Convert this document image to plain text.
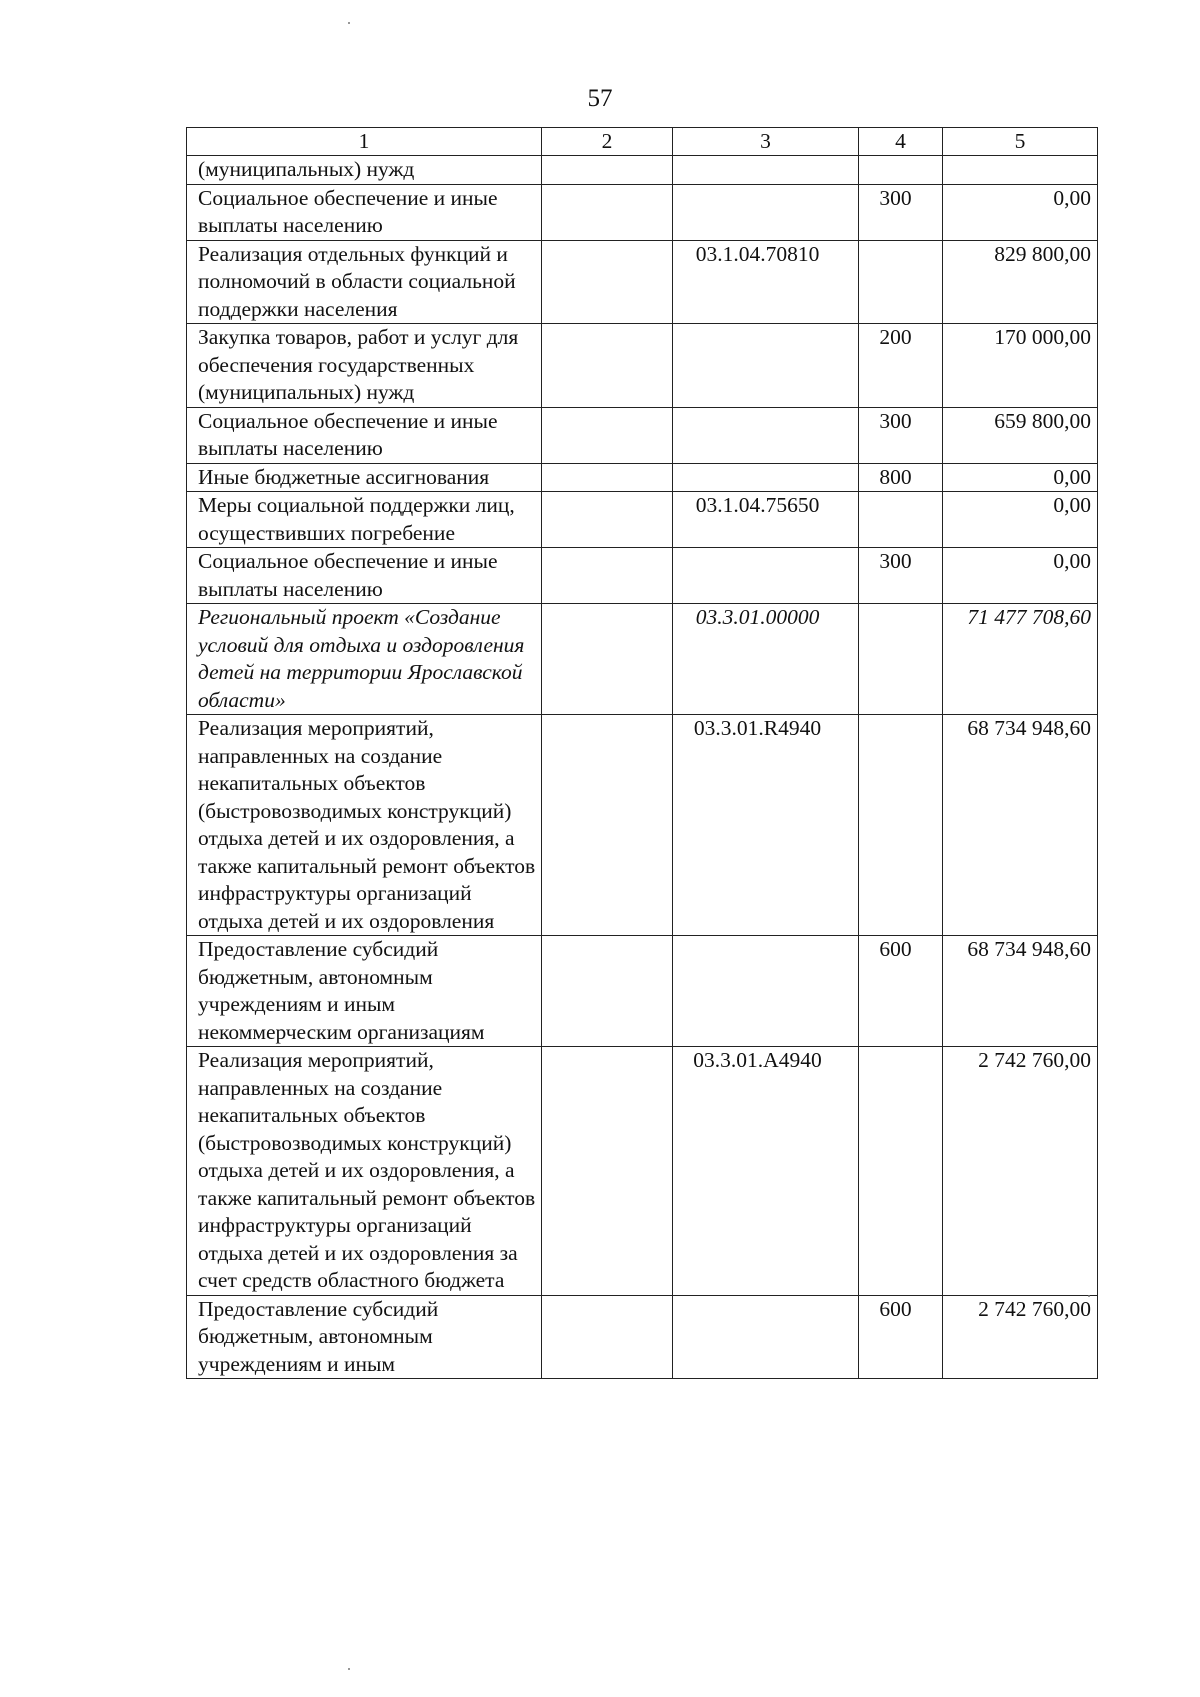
57
1	2	3	4	5
(муниципальных) нужд				
Социальное обеспечение и иные выплаты населению			300	0,00
Реализация отдельных функций и полномочий в области социальной поддержки населения		03.1.04.70810		829 800,00
Закупка товаров, работ и услуг для обеспечения государственных (муниципальных) нужд			200	170 000,00
Социальное обеспечение и иные выплаты населению			300	659 800,00
Иные бюджетные ассигнования			800	0,00
Меры социальной поддержки лиц, осуществивших погребение		03.1.04.75650		0,00
Социальное обеспечение и иные выплаты населению			300	0,00
Региональный проект «Создание условий для отдыха и оздоровления детей на территории Ярославской области»		03.3.01.00000		71 477 708,60
Реализация мероприятий, направленных на создание некапитальных объектов (быстровозводимых конструкций) отдыха детей и их оздоровления, а также капитальный ремонт объектов инфраструктуры организаций отдыха детей и их оздоровления		03.3.01.R4940		68 734 948,60
Предоставление субсидий бюджетным, автономным учреждениям и иным некоммерческим организациям			600	68 734 948,60
Реализация мероприятий, направленных на создание некапитальных объектов (быстровозводимых конструкций) отдыха детей и их оздоровления, а также капитальный ремонт объектов инфраструктуры организаций отдыха детей и их оздоровления за счет средств областного бюджета		03.3.01.A4940		2 742 760,00
Предоставление субсидий бюджетным, автономным учреждениям и иным			600	2 742 760,00
